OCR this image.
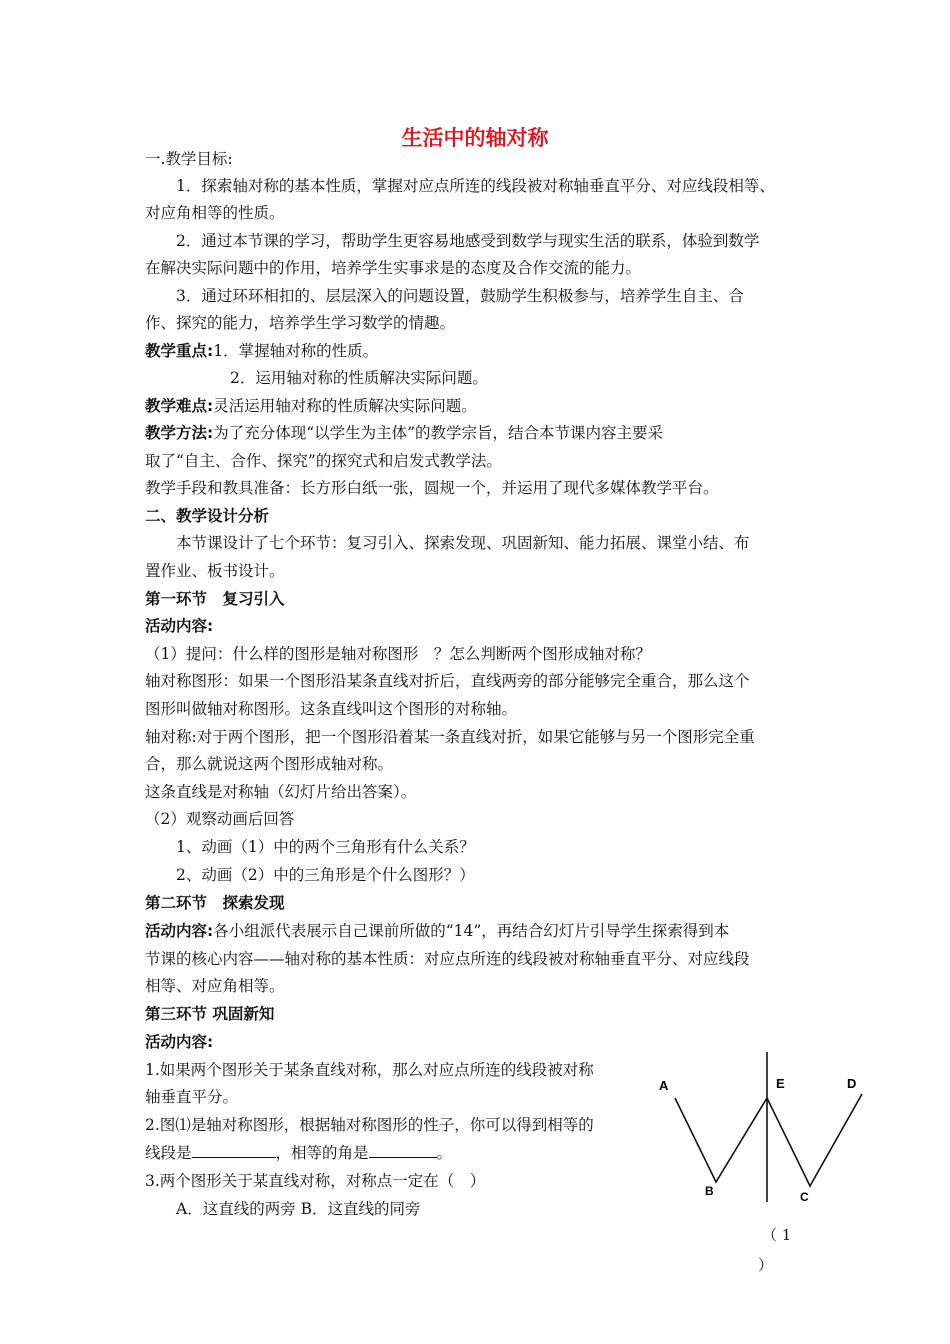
生活中的轴对称
一.教学目标:
1．探索轴对称的基本性质，掌握对应点所连的线段被对称轴垂直平分、对应线段相等、
对应角相等的性质。
2．通过本节课的学习，帮助学生更容易地感受到数学与现实生活的联系，体验到数学
在解决实际问题中的作用，培养学生实事求是的态度及合作交流的能力。
3．通过环环相扣的、层层深入的问题设置，鼓励学生积极参与，培养学生自主、合
作、探究的能力，培养学生学习数学的情趣。
教学重点:1．掌握轴对称的性质。
2．运用轴对称的性质解决实际问题。
教学难点:灵活运用轴对称的性质解决实际问题。
教学方法:为了充分体现“以学生为主体”的教学宗旨，结合本节课内容主要采
取了“自主、合作、探究”的探究式和启发式教学法。
教学手段和教具准备：长方形白纸一张，圆规一个，并运用了现代多媒体教学平台。
二、教学设计分析
本节课设计了七个环节：复习引入、探索发现、巩固新知、能力拓展、课堂小结、布
置作业、板书设计。
第一环节　复习引入
活动内容:
（1）提问：什么样的图形是轴对称图形　？怎么判断两个图形成轴对称？
轴对称图形：如果一个图形沿某条直线对折后，直线两旁的部分能够完全重合，那么这个
图形叫做轴对称图形。这条直线叫这个图形的对称轴。
轴对称:对于两个图形，把一个图形沿着某一条直线对折，如果它能够与另一个图形完全重
合，那么就说这两个图形成轴对称。
这条直线是对称轴（幻灯片给出答案）。
（2）观察动画后回答
1、动画（1）中的两个三角形有什么关系？
2、动画（2）中的三角形是个什么图形？）
第二环节　探索发现
活动内容:各小组派代表展示自己课前所做的“14”，再结合幻灯片引导学生探索得到本
节课的核心内容——轴对称的基本性质：对应点所连的线段被对称轴垂直平分、对应线段
相等、对应角相等。
第三环节 巩固新知
活动内容:
1.如果两个图形关于某条直线对称，那么对应点所连的线段被对称
轴垂直平分。
2.图⑴是轴对称图形，根据轴对称图形的性子，你可以得到相等的
线段是	，相等的角是	。
3.两个图形关于某直线对称，对称点一定在（　）
A．这直线的两旁 B．这直线的同旁
A	E	D
B	C
（ 1
）
